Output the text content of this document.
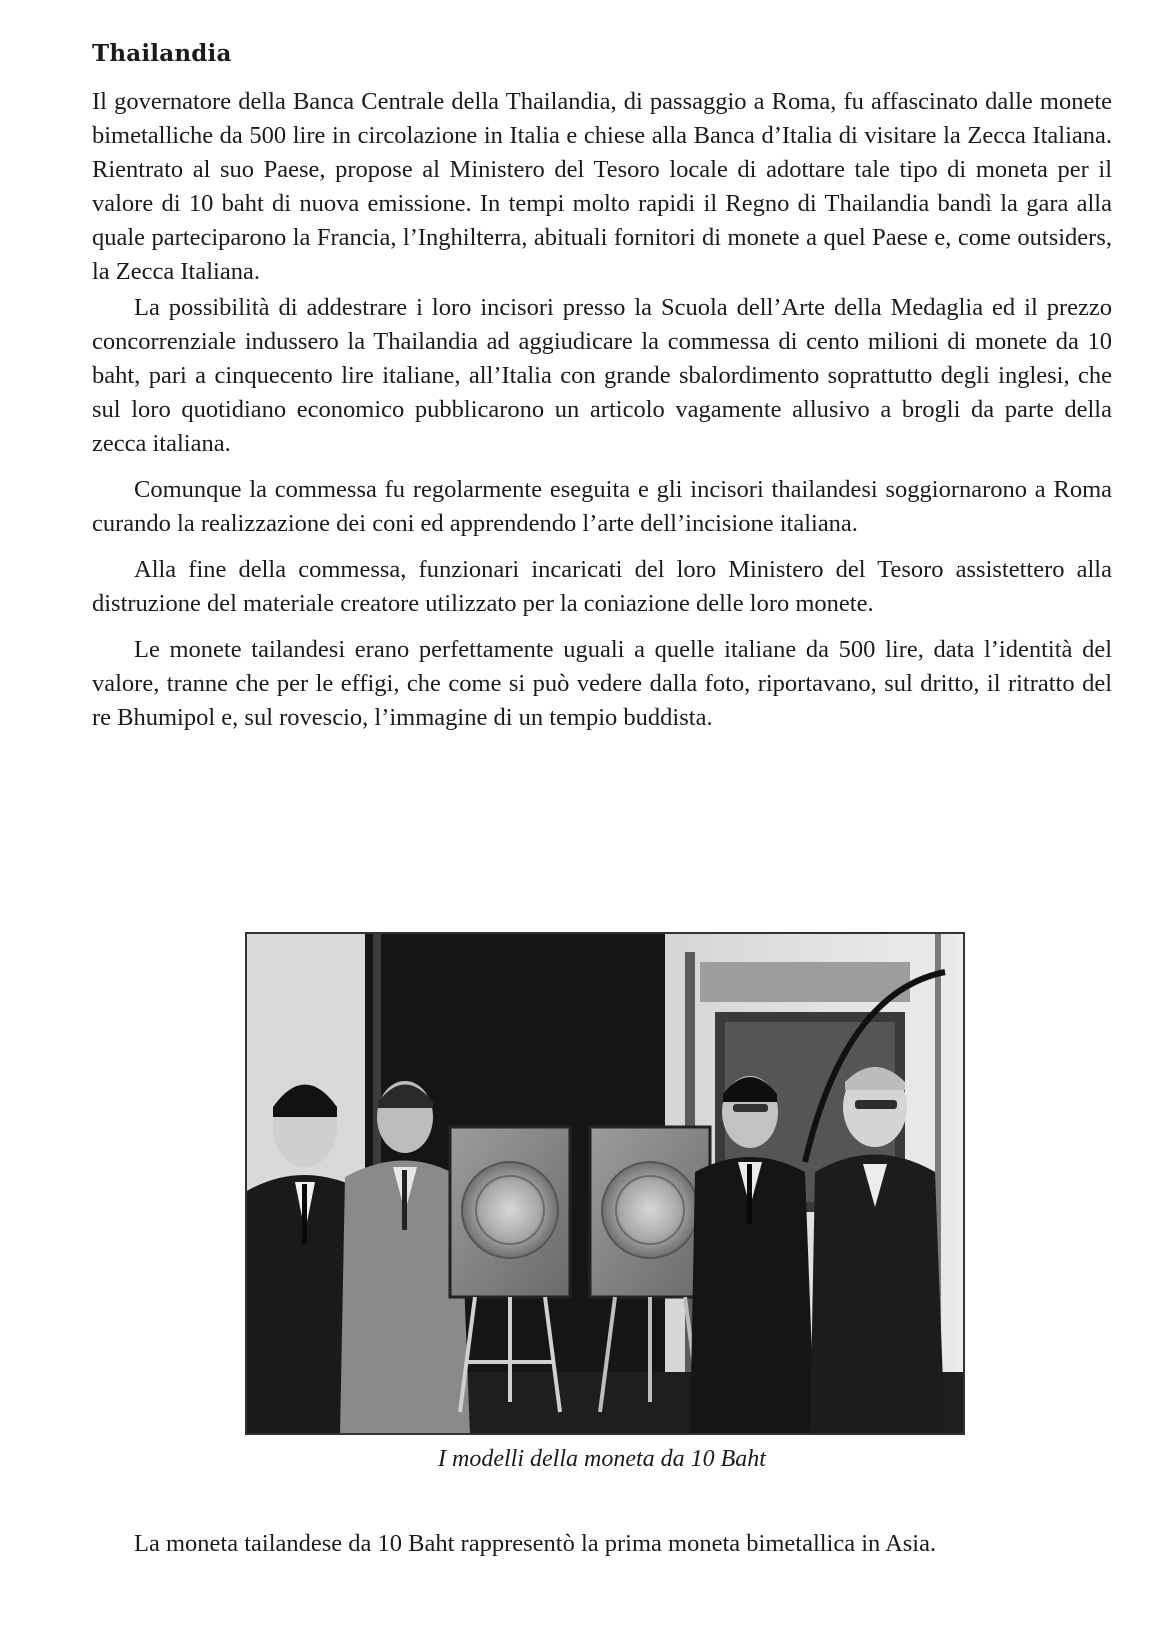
Thailandia

Il governatore della Banca Centrale della Thailandia, di passaggio a Roma, fu affascinato dalle monete bimetalliche da 500 lire in circolazione in Italia e chiese alla Banca d’Italia di visitare la Zecca Italiana. Rientrato al suo Paese, propose al Ministero del Tesoro locale di adottare tale tipo di moneta per il valore di 10 baht di nuova emissione. In tempi molto rapidi il Regno di Thailandia bandì la gara alla quale parteciparono la Francia, l’Inghilterra, abituali fornitori di monete a quel Paese e, come outsiders, la Zecca Italiana.

La possibilità di addestrare i loro incisori presso la Scuola dell’Arte della Medaglia ed il prezzo concorrenziale indussero la Thailandia ad aggiudicare la commessa di cento milioni di monete da 10 baht, pari a cinquecento lire italiane, all’Italia con grande sbalordimento soprattutto degli inglesi, che sul loro quotidiano economico pubblicarono un articolo vagamente allusivo a brogli da parte della zecca italiana.

Comunque la commessa fu regolarmente eseguita e gli incisori thailandesi soggiornarono a Roma curando la realizzazione dei coni ed apprendendo l’arte dell’incisione italiana.

Alla fine della commessa, funzionari incaricati del loro Ministero del Tesoro assistettero alla distruzione del materiale creatore utilizzato per la coniazione delle loro monete.

Le monete tailandesi erano perfettamente uguali a quelle italiane da 500 lire, data l’identità del valore, tranne che per le effigi, che come si può vedere dalla foto, riportavano, sul dritto, il ritratto del re Bhumipol e, sul rovescio, l’immagine di un tempio buddista.

I modelli della moneta da 10 Baht

La moneta tailandese da 10 Baht rappresentò la prima moneta bimetallica in Asia.
